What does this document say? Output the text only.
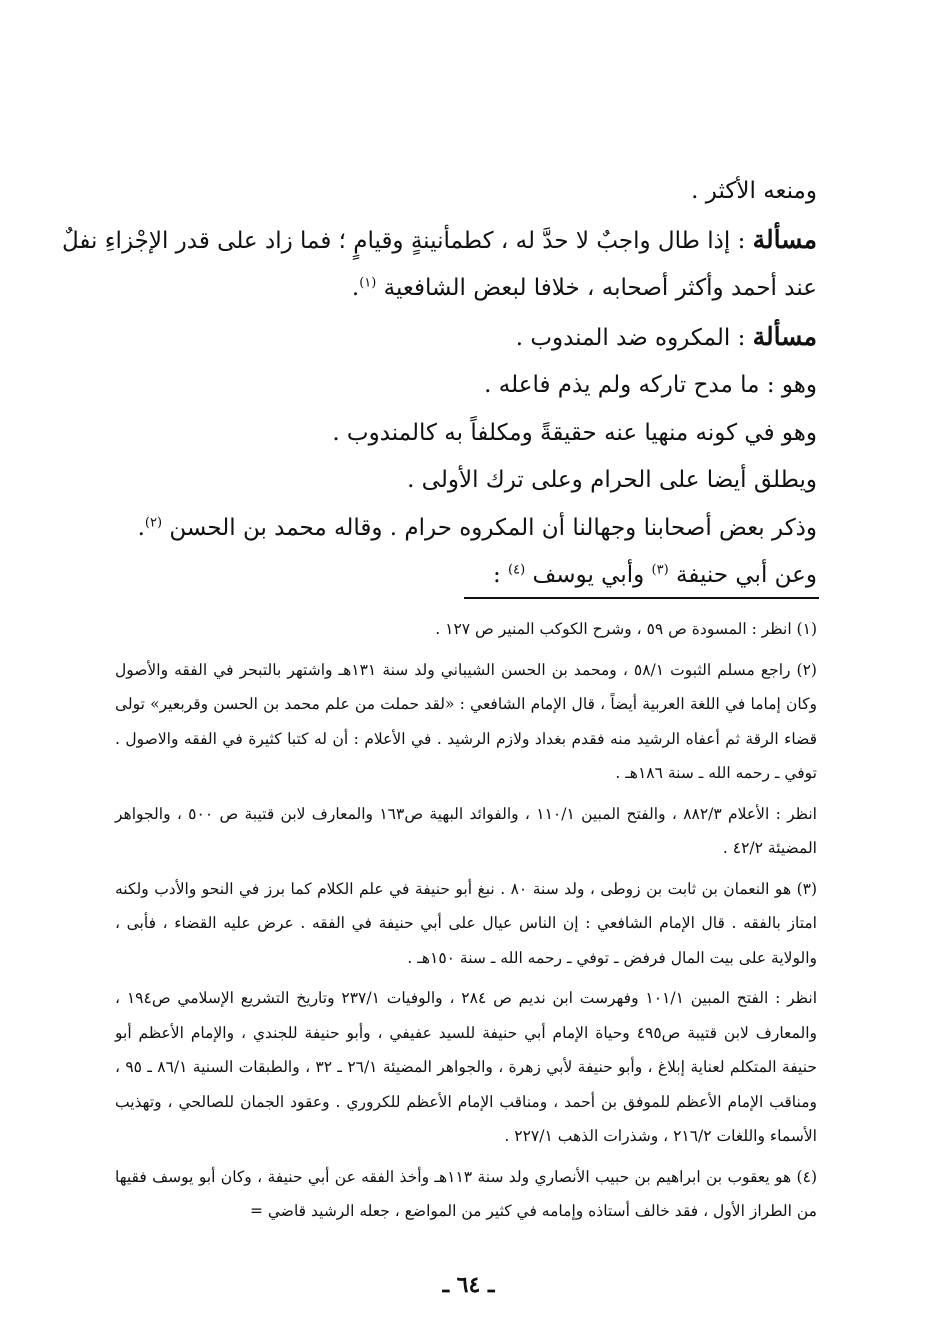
ومنعه الأكثر .

مسألة : إذا طال واجبٌ لا حدَّ له ، كطمأنينةٍ وقيامٍ ؛ فما زاد على قدر الإجْزاءِ نفلٌ

عند أحمد وأكثر أصحابه ، خلافا لبعض الشافعية $^{(١)}$.

مسألة : المكروه ضد المندوب .

وهو : ما مدح تاركه ولم يذم فاعله .

وهو في كونه منهيا عنه حقيقةً ومكلفاً به كالمندوب .

ويطلق أيضا على الحرام وعلى ترك الأولى .

وذكر بعض أصحابنا وجهالنا أن المكروه حرام . وقاله محمد بن الحسن $^{(٢)}$.

وعن أبي حنيفة $^{(٣)}$ وأبي يوسف $^{(٤)}$ :

(١) انظر : المسودة ص ٥٩ ، وشرح الكوكب المنير ص ١٢٧ .

(٢) راجع مسلم الثبوت ٥٨/١ ، ومحمد بن الحسن الشيباني ولد سنة ١٣١هـ واشتهر بالتبحر في الفقه والأصول وكان إماما في اللغة العربية أيضاً ، قال الإمام الشافعي : «لقد حملت من علم محمد بن الحسن وقربعير» تولى قضاء الرقة ثم أعفاه الرشيد منه فقدم بغداد ولازم الرشيد . في الأعلام : أن له كتبا كثيرة في الفقه والاصول . توفي ـ رحمه الله ـ سنة ١٨٦هـ .

انظر : الأعلام ٨٨٢/٣ ، والفتح المبين ١١٠/١ ، والفوائد البهية ص١٦٣ والمعارف لابن قتيبة ص ٥٠٠ ، والجواهر المضيئة ٤٢/٢ .

(٣) هو النعمان بن ثابت بن زوطى ، ولد سنة ٨٠ . نبغ أبو حنيفة في علم الكلام كما برز في النحو والأدب ولكنه امتاز بالفقه . قال الإمام الشافعي : إن الناس عيال على أبي حنيفة في الفقه . عرض عليه القضاء ، فأبى ، والولاية على بيت المال فرفض ـ توفي ـ رحمه الله ـ سنة ١٥٠هـ .

انظر : الفتح المبين ١٠١/١ وفهرست ابن نديم ص ٢٨٤ ، والوفيات ٢٣٧/١ وتاريخ التشريع الإسلامي ص١٩٤ ، والمعارف لابن قتيبة ص٤٩٥ وحياة الإمام أبي حنيفة للسيد عفيفي ، وأبو حنيفة للجندي ، والإمام الأعظم أبو حنيفة المتكلم لعناية إبلاغ ، وأبو حنيفة لأبي زهرة ، والجواهر المضيئة ٢٦/١ ـ ٣٢ ، والطبقات السنية ٨٦/١ ـ ٩٥ ، ومناقب الإمام الأعظم للموفق بن أحمد ، ومناقب الإمام الأعظم للكروري . وعقود الجمان للصالحي ، وتهذيب الأسماء واللغات ٢١٦/٢ ، وشذرات الذهب ٢٢٧/١ .

(٤) هو يعقوب بن ابراهيم بن حبيب الأنصاري ولد سنة ١١٣هـ وأخذ الفقه عن أبي حنيفة ، وكان أبو يوسف فقيها من الطراز الأول ، فقد خالف أستاذه وإمامه في كثير من المواضع ، جعله الرشيد قاضي =

ـ ٦٤ ـ
